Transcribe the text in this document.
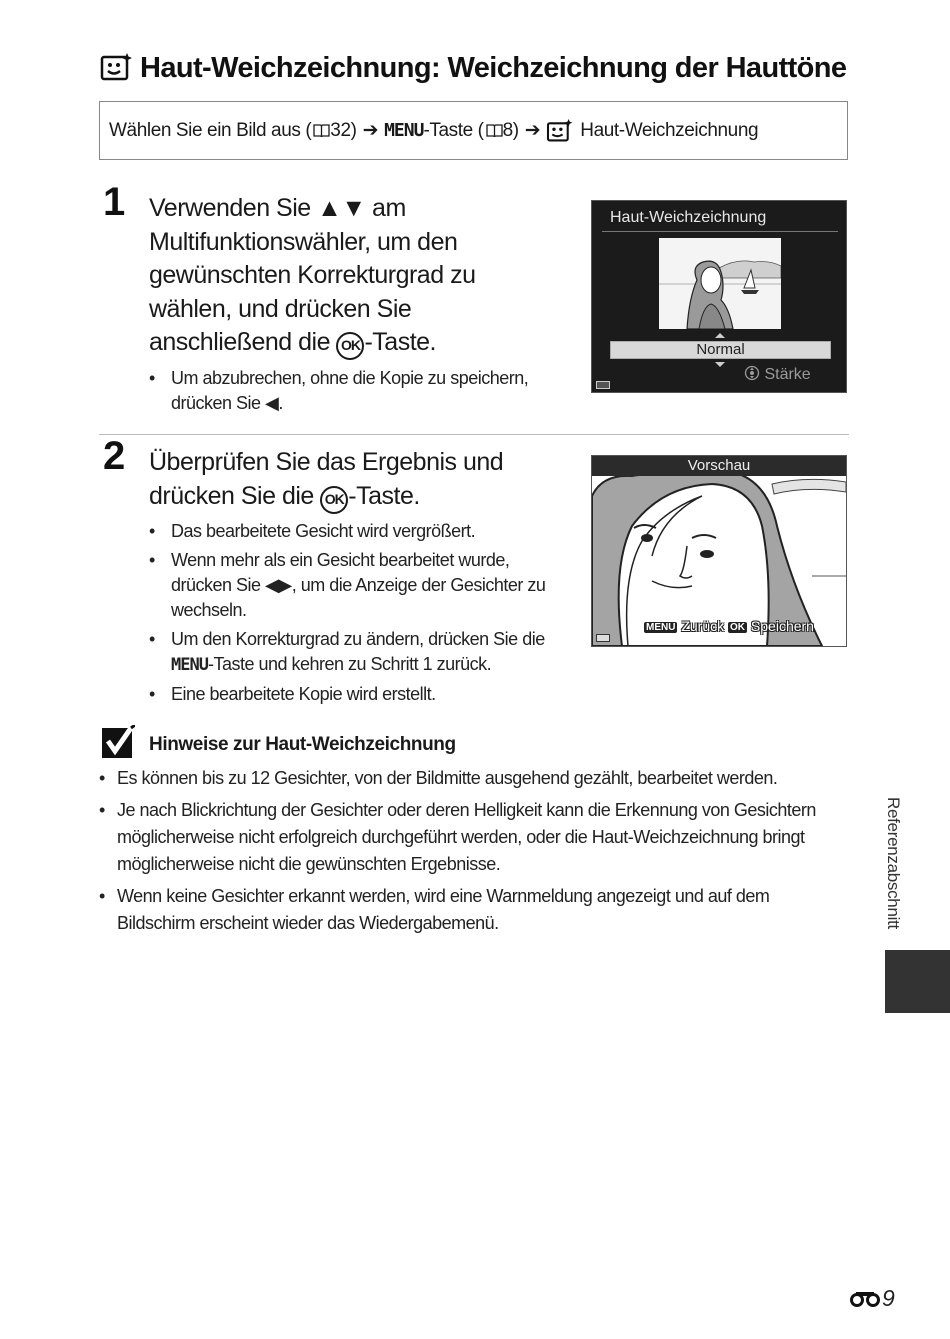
Haut-Weichzeichnung: Weichzeichnung der Hauttöne
Wählen Sie ein Bild aus ( 32 ) ➔ MENU -Taste ( 8 ) ➔ Haut-Weichzeichnung
1 Verwenden Sie ▲▼ am Multifunktionswähler, um den gewünschten Korrekturgrad zu wählen, und drücken Sie anschließend die OK -Taste.
• Um abzubrechen, ohne die Kopie zu speichern, drücken Sie ◀.
Haut-Weichzeichnung
Normal
Stärke
2 Überprüfen Sie das Ergebnis und drücken Sie die OK -Taste.
• Das bearbeitete Gesicht wird vergrößert.
• Wenn mehr als ein Gesicht bearbeitet wurde, drücken Sie ◀▶, um die Anzeige der Gesichter zu wechseln.
• Um den Korrekturgrad zu ändern, drücken Sie die MENU-Taste und kehren zu Schritt 1 zurück.
• Eine bearbeitete Kopie wird erstellt.
Vorschau
MENU Zurück OK Speichern
Hinweise zur Haut-Weichzeichnung
• Es können bis zu 12 Gesichter, von der Bildmitte ausgehend gezählt, bearbeitet werden.
• Je nach Blickrichtung der Gesichter oder deren Helligkeit kann die Erkennung von Gesichtern möglicherweise nicht erfolgreich durchgeführt werden, oder die Haut-Weichzeichnung bringt möglicherweise nicht die gewünschten Ergebnisse.
• Wenn keine Gesichter erkannt werden, wird eine Warnmeldung angezeigt und auf dem Bildschirm erscheint wieder das Wiedergabemenü.	Referenzabschnitt
9
